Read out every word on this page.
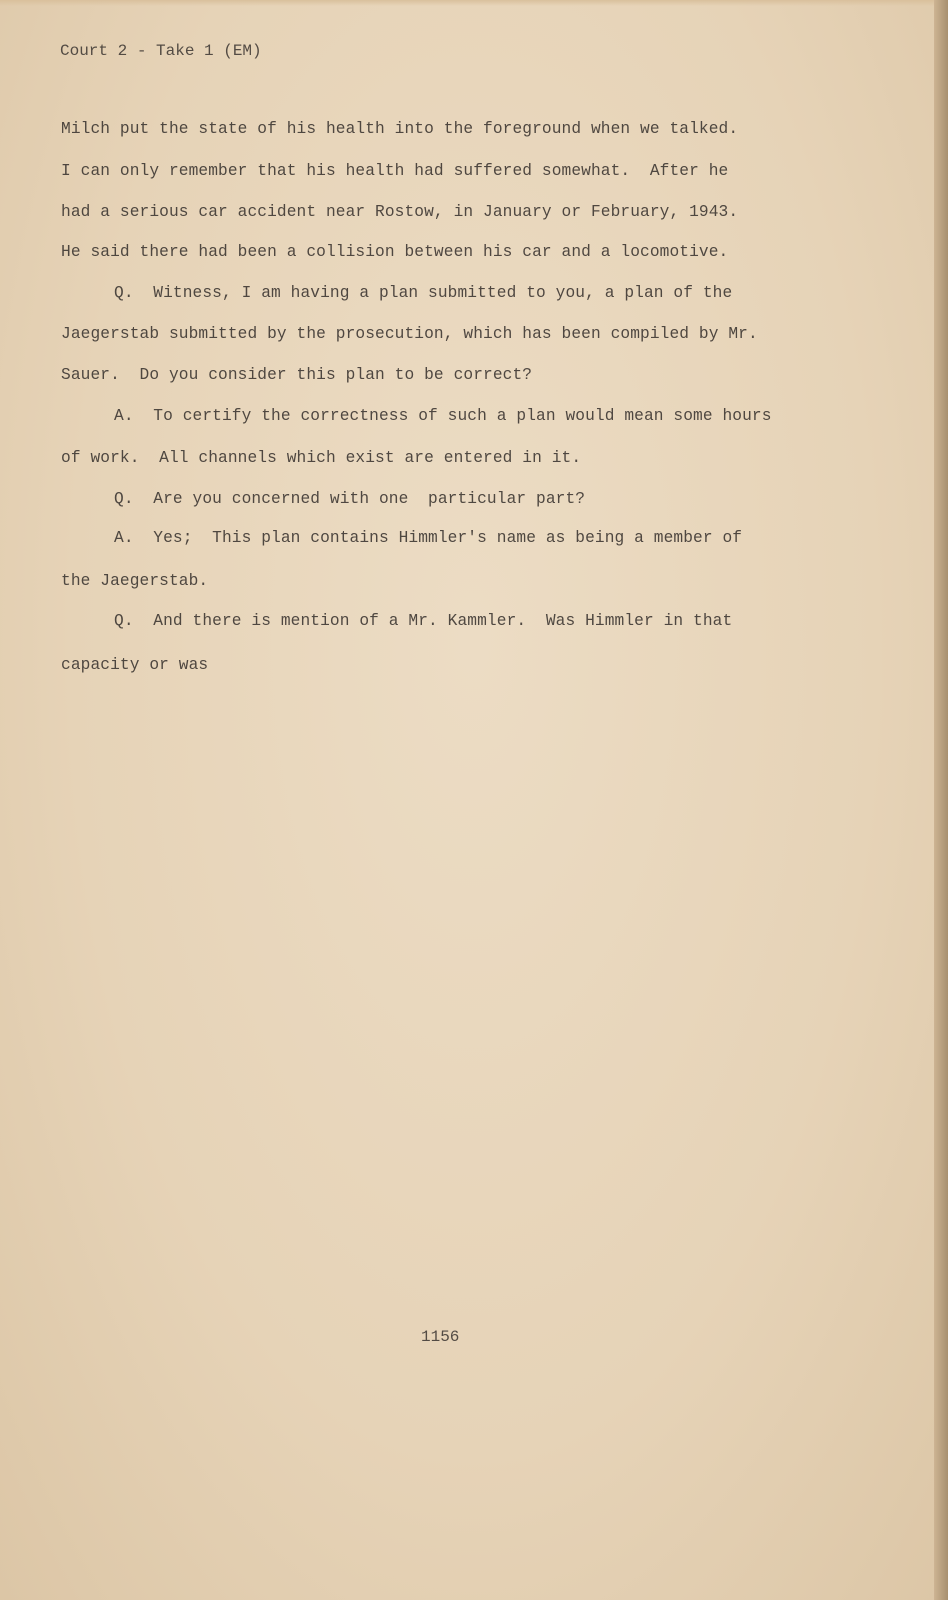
Court 2 - Take 1 (EM)
Milch put the state of his health into the foreground when we talked.
I can only remember that his health had suffered somewhat.  After he
had a serious car accident near Rostow, in January or February, 1943.
He said there had been a collision between his car and a locomotive.
Q.  Witness, I am having a plan submitted to you, a plan of the
Jaegerstab submitted by the prosecution, which has been compiled by Mr.
Sauer.  Do you consider this plan to be correct?
A.  To certify the correctness of such a plan would mean some hours
of work.  All channels which exist are entered in it.
Q.  Are you concerned with one  particular part?
A.  Yes;  This plan contains Himmler's name as being a member of
the Jaegerstab.
Q.  And there is mention of a Mr. Kammler.  Was Himmler in that
capacity or was
1156
